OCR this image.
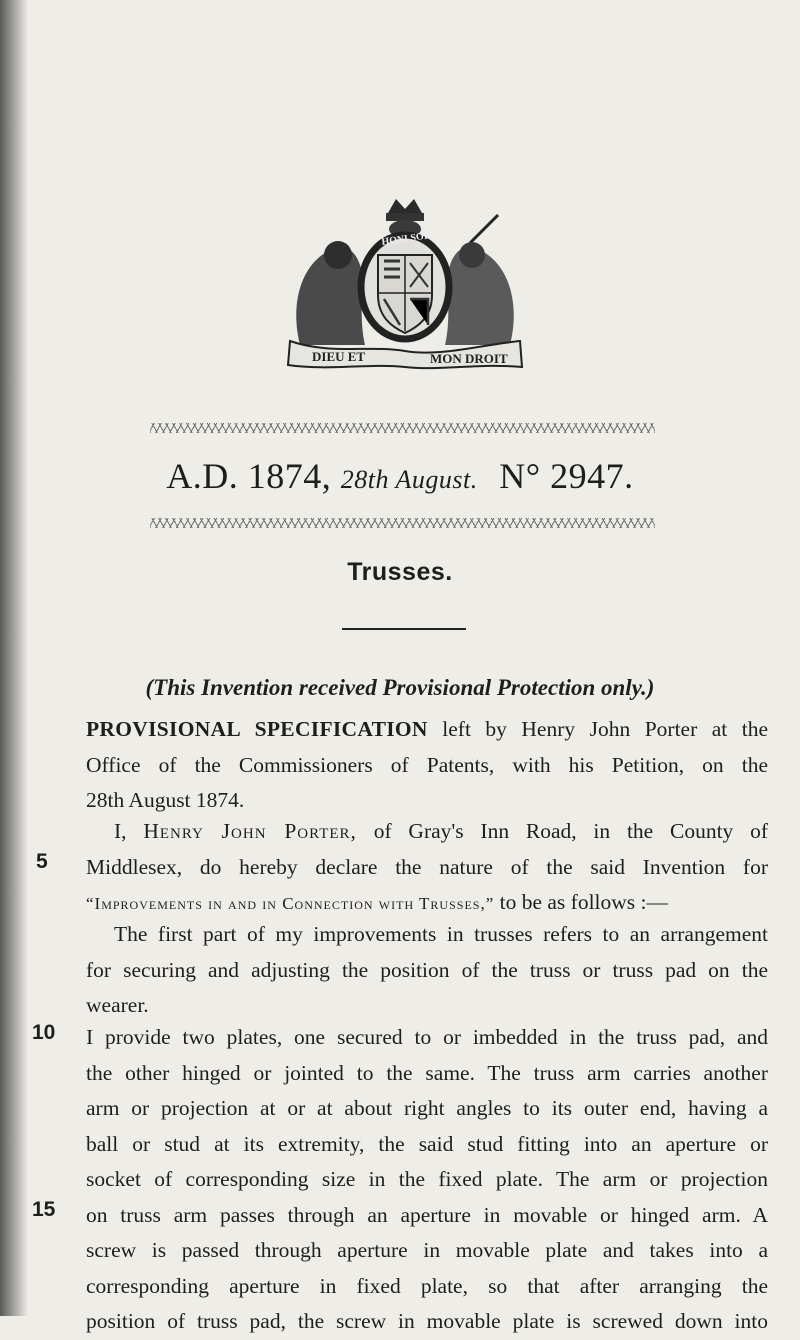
HONI SOIT
DIEU ET	MON DROIT
A.D. 1874, 28th August. N° 2947.
Trusses.
(This Invention received Provisional Protection only.)
PROVISIONAL SPECIFICATION left by Henry John Porter at the
Office of the Commissioners of Patents, with his Petition, on the
28th August 1874.
I, Henry John Porter, of Gray's Inn Road, in the County of
Middlesex, do hereby declare the nature of the said Invention for
“Improvements in and in Connection with Trusses,” to be as follows :—
The first part of my improvements in trusses refers to an arrangement
for securing and adjusting the position of the truss or truss pad on the
wearer.
I provide two plates, one secured to or imbedded in the truss pad, and
the other hinged or jointed to the same. The truss arm carries another
arm or projection at or at about right angles to its outer end, having a
ball or stud at its extremity, the said stud fitting into an aperture or
socket of corresponding size in the fixed plate. The arm or projection
on truss arm passes through an aperture in movable or hinged arm. A
screw is passed through aperture in movable plate and takes into a
corresponding aperture in fixed plate, so that after arranging the
position of truss pad, the screw in movable plate is screwed down into
5
10
15
